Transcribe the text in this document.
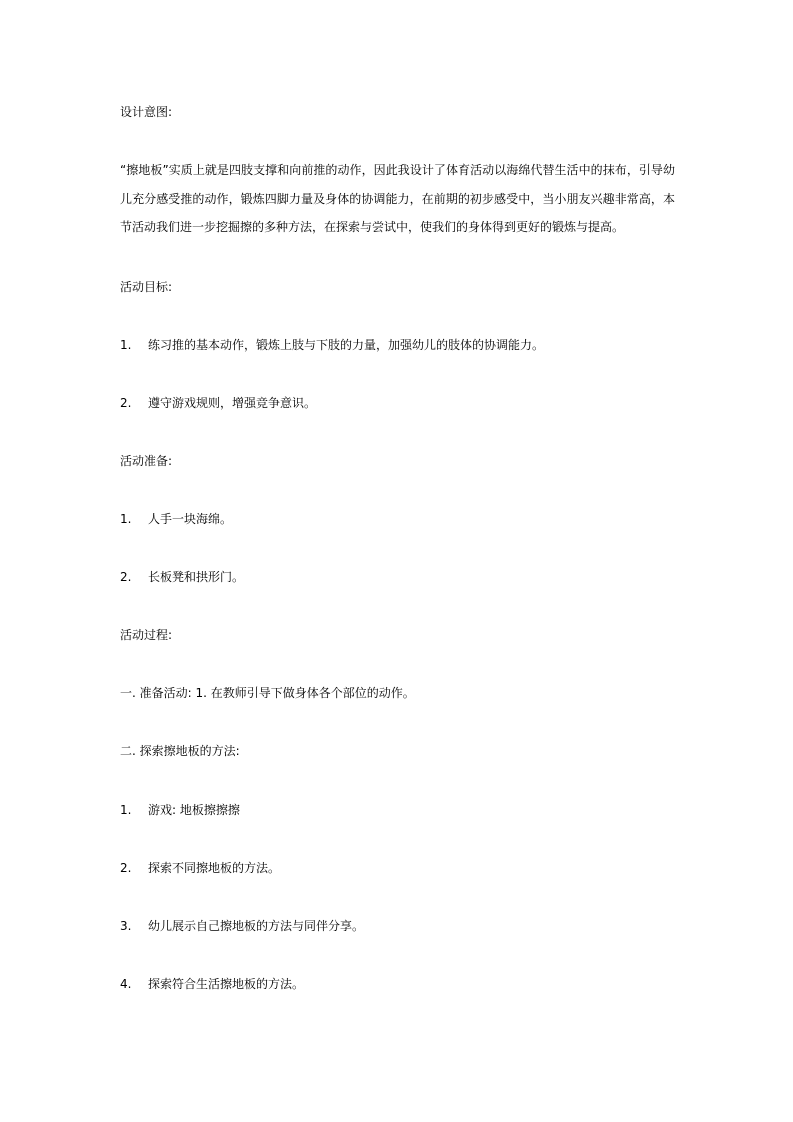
设计意图:
“擦地板”实质上就是四肢支撑和向前推的动作，因此我设计了体育活动以海绵代替生活中的抹布，引导幼儿充分感受推的动作，锻炼四脚力量及身体的协调能力，在前期的初步感受中，当小朋友兴趣非常高，本节活动我们进一步挖掘擦的多种方法，在探索与尝试中，使我们的身体得到更好的锻炼与提高。
活动目标:
1. 练习推的基本动作，锻炼上肢与下肢的力量，加强幼儿的肢体的协调能力。
2. 遵守游戏规则，增强竞争意识。
活动准备:
1. 人手一块海绵。
2. 长板凳和拱形门。
活动过程:
一. 准备活动: 1. 在教师引导下做身体各个部位的动作。
二. 探索擦地板的方法:
1. 游戏: 地板擦擦擦
2. 探索不同擦地板的方法。
3. 幼儿展示自己擦地板的方法与同伴分享。
4. 探索符合生活擦地板的方法。
